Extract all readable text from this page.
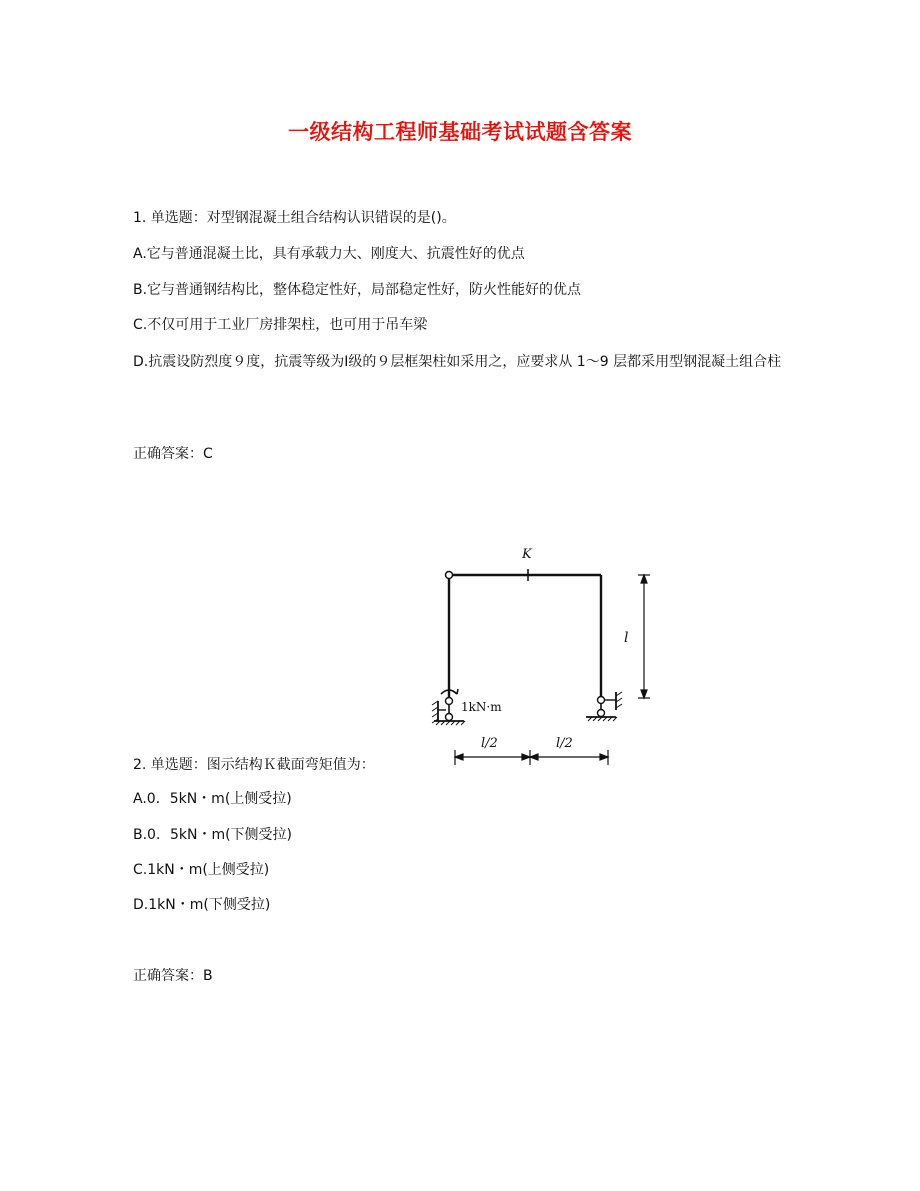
一级结构工程师基础考试试题含答案
1. 单选题：对型钢混凝土组合结构认识错误的是()。
A.它与普通混凝土比，具有承载力大、刚度大、抗震性好的优点
B.它与普通钢结构比，整体稳定性好，局部稳定性好，防火性能好的优点
C.不仅可用于工业厂房排架柱，也可用于吊车梁
D.抗震设防烈度９度，抗震等级为Ⅰ级的９层框架柱如采用之，应要求从 1～9 层都采用型钢混凝土组合柱
正确答案：C
K
1kN·m
l
l/2	l/2
2. 单选题：图示结构Ｋ截面弯矩值为：
A.0．5kN・m(上侧受拉)
B.0．5kN・m(下侧受拉)
C.1kN・m(上侧受拉)
D.1kN・m(下侧受拉)
正确答案：B
